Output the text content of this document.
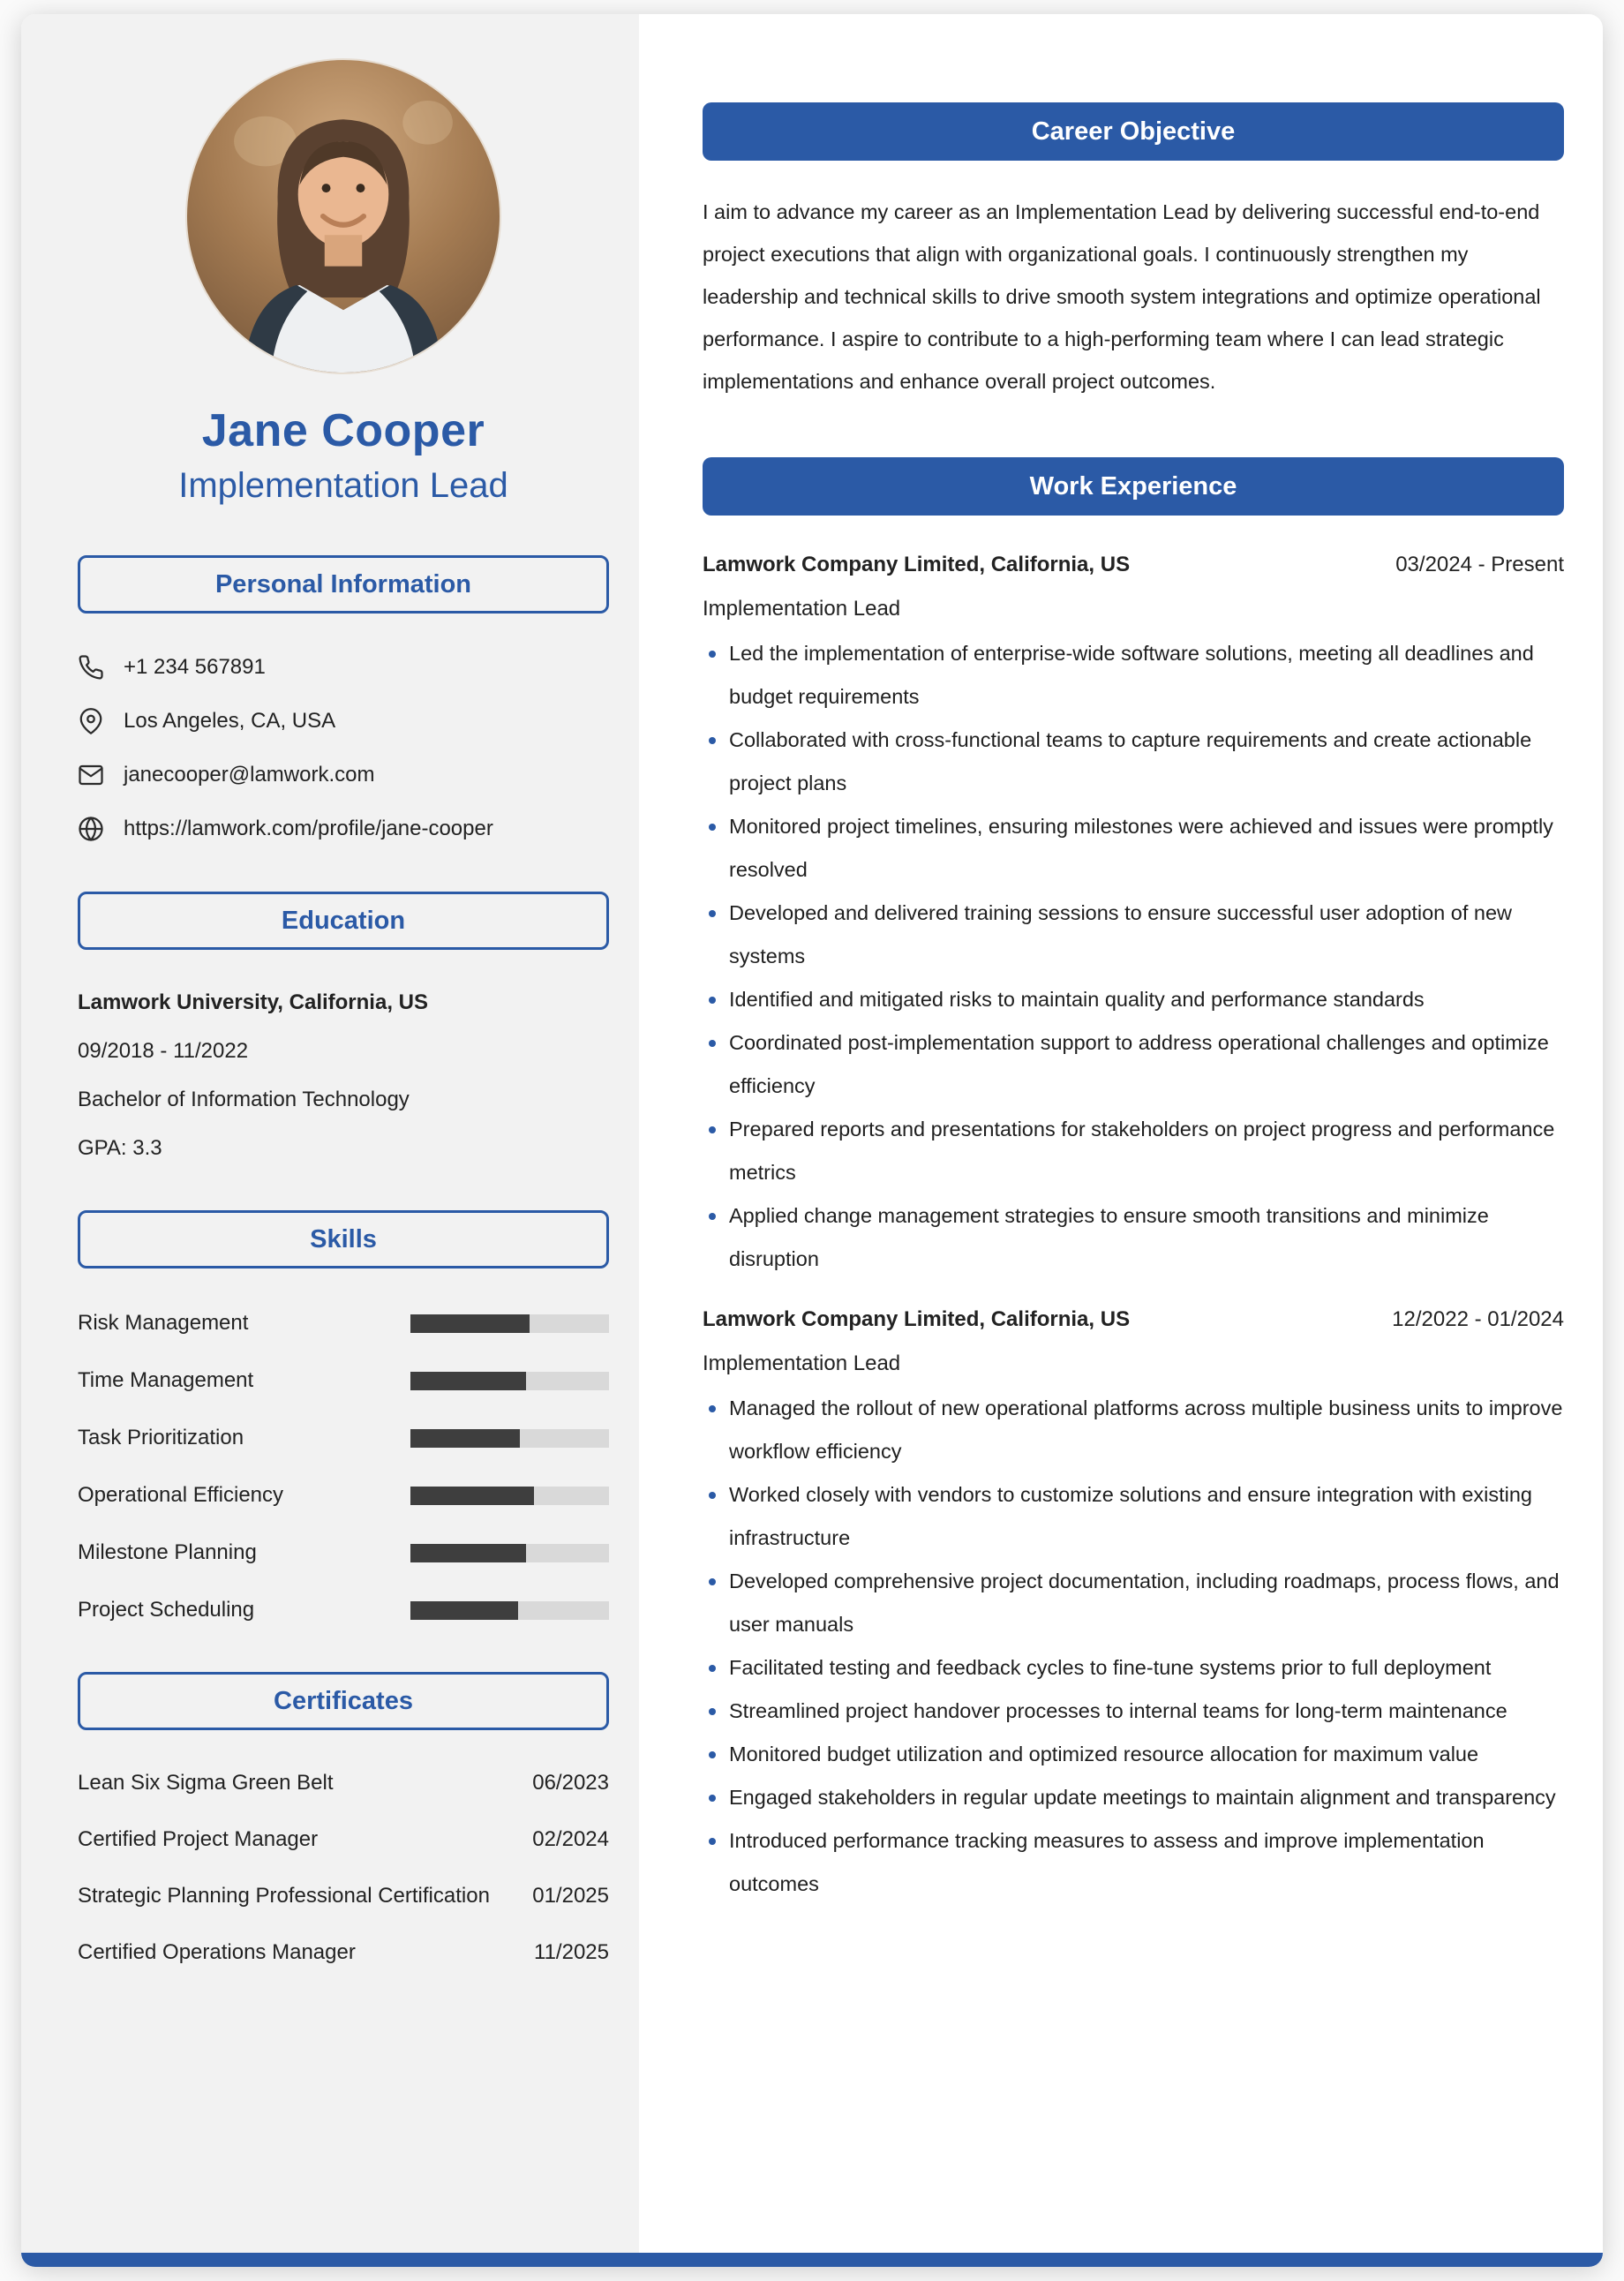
Jane Cooper
Implementation Lead
Personal Information
+1 234 567891
Los Angeles, CA, USA
janecooper@lamwork.com
https://lamwork.com/profile/jane-cooper
Education
Lamwork University, California, US
09/2018 - 11/2022
Bachelor of Information Technology
GPA: 3.3
Skills
Risk Management
Time Management
Task Prioritization
Operational Efficiency
Milestone Planning
Project Scheduling
Certificates
Lean Six Sigma Green Belt	06/2023
Certified Project Manager	02/2024
Strategic Planning Professional Certification 01/2025
Certified Operations Manager	11/2025
Career Objective

I aim to advance my career as an Implementation Lead by delivering successful end-to-end project executions that align with organizational goals. I continuously strengthen my leadership and technical skills to drive smooth system integrations and optimize operational performance. I aspire to contribute to a high-performing team where I can lead strategic implementations and enhance overall project outcomes.

Work Experience
Lamwork Company Limited, California, US	03/2024 - Present
Implementation Lead
Led the implementation of enterprise-wide software solutions, meeting all deadlines and budget requirements
Collaborated with cross-functional teams to capture requirements and create actionable project plans
Monitored project timelines, ensuring milestones were achieved and issues were promptly resolved
Developed and delivered training sessions to ensure successful user adoption of new systems
Identified and mitigated risks to maintain quality and performance standards
Coordinated post-implementation support to address operational challenges and optimize efficiency
Prepared reports and presentations for stakeholders on project progress and performance metrics
Applied change management strategies to ensure smooth transitions and minimize disruption
Lamwork Company Limited, California, US	12/2022 - 01/2024
Implementation Lead
Managed the rollout of new operational platforms across multiple business units to improve workflow efficiency
Worked closely with vendors to customize solutions and ensure integration with existing infrastructure
Developed comprehensive project documentation, including roadmaps, process flows, and user manuals
Facilitated testing and feedback cycles to fine-tune systems prior to full deployment
Streamlined project handover processes to internal teams for long-term maintenance
Monitored budget utilization and optimized resource allocation for maximum value
Engaged stakeholders in regular update meetings to maintain alignment and transparency
Introduced performance tracking measures to assess and improve implementation outcomes
